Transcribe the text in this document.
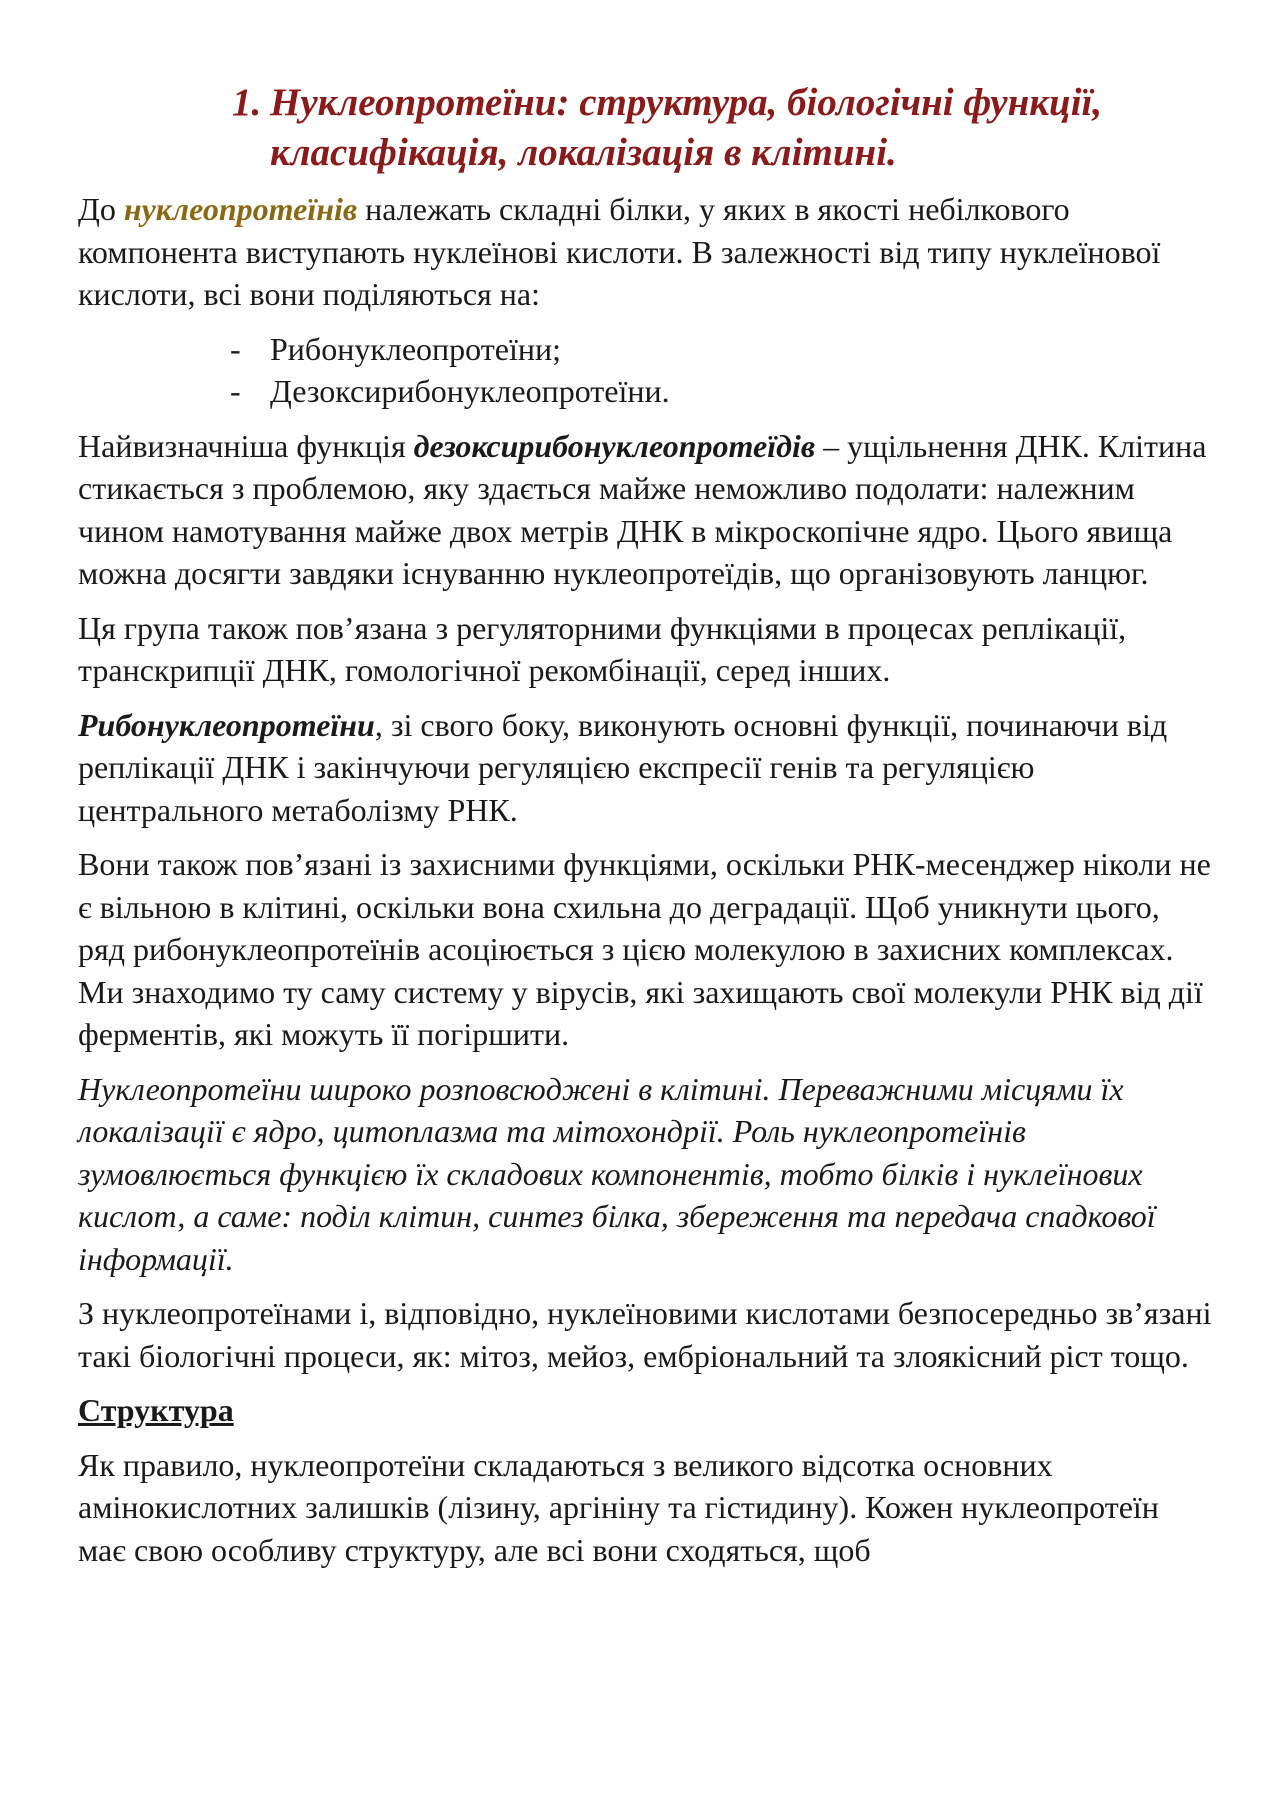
1. Нуклеопротеїни: структура, біологічні функції, класифікація, локалізація в клітині.

До нуклеопротеїнів належать складні білки, у яких в якості небілкового компонента виступають нуклеїнові кислоти. В залежності від типу нуклеїнової кислоти, всі вони поділяються на:

- Рибонуклеопротеїни;
- Дезоксирибонуклеопротеїни.

Найвизначніша функція дезоксирибонуклеопротеїдів – ущільнення ДНК. Клітина стикається з проблемою, яку здається майже неможливо подолати: належним чином намотування майже двох метрів ДНК в мікроскопічне ядро. Цього явища можна досягти завдяки існуванню нуклеопротеїдів, що організовують ланцюг.

Ця група також пов’язана з регуляторними функціями в процесах реплікації, транскрипції ДНК, гомологічної рекомбінації, серед інших.

Рибонуклеопротеїни, зі свого боку, виконують основні функції, починаючи від реплікації ДНК і закінчуючи регуляцією експресії генів та регуляцією центрального метаболізму РНК.

Вони також пов’язані із захисними функціями, оскільки РНК-месенджер ніколи не є вільною в клітині, оскільки вона схильна до деградації. Щоб уникнути цього, ряд рибонуклеопротеїнів асоціюється з цією молекулою в захисних комплексах. Ми знаходимо ту саму систему у вірусів, які захищають свої молекули РНК від дії ферментів, які можуть її погіршити.

Нуклеопротеїни широко розповсюджені в клітині. Переважними місцями їх локалізації є ядро, цитоплазма та мітохондрії. Роль нуклеопротеїнів зумовлюється функцією їх складових компонентів, тобто білків і нуклеїнових кислот, а саме: поділ клітин, синтез білка, збереження та передача спадкової інформації.

З нуклеопротеїнами і, відповідно, нуклеїновими кислотами безпосередньо зв’язані такі біологічні процеси, як: мітоз, мейоз, ембріональний та злоякісний ріст тощо.

Структура

Як правило, нуклеопротеїни складаються з великого відсотка основних амінокислотних залишків (лізину, аргініну та гістидину). Кожен нуклеопротеїн має свою особливу структуру, але всі вони сходяться, щоб
